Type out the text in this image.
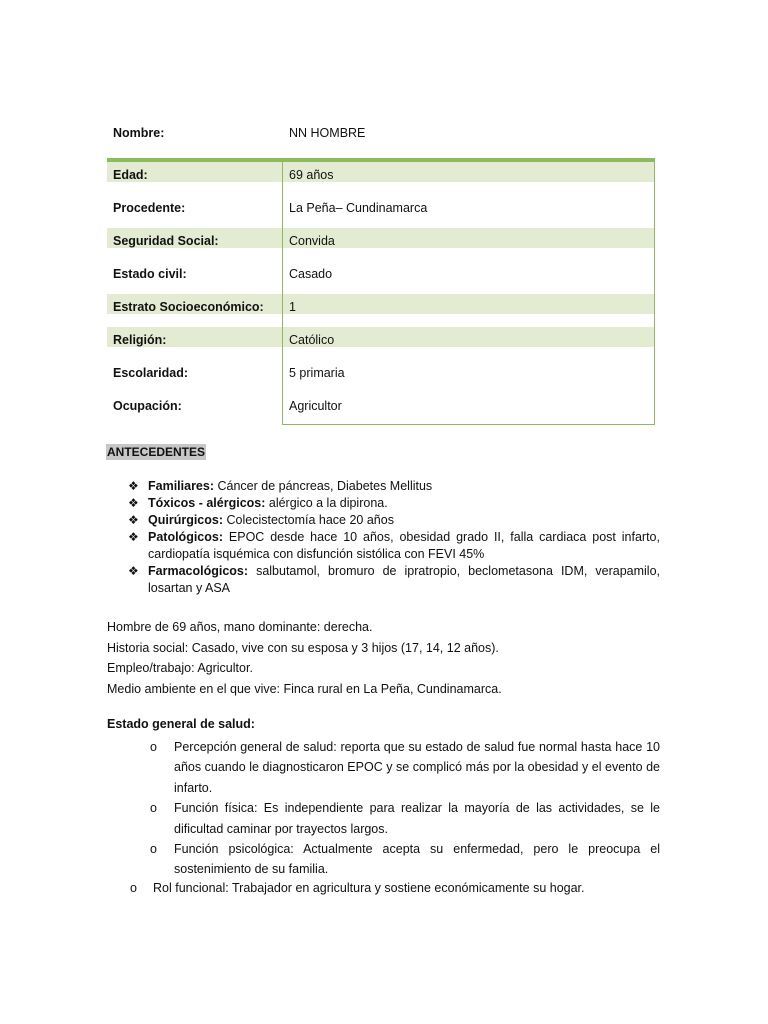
Nombre:	NN HOMBRE
Edad:	69 años
Procedente:	La Peña– Cundinamarca
Seguridad Social:	Convida
Estado civil:	Casado
Estrato Socioeconómico:	1
Religión:	Católico
Escolaridad:	5 primaria
Ocupación:	Agricultor
ANTECEDENTES
❖ Familiares: Cáncer de páncreas, Diabetes Mellitus
❖ Tóxicos - alérgicos: alérgico a la dipirona.
❖ Quirúrgicos: Colecistectomía hace 20 años
❖ Patológicos: EPOC desde hace 10 años, obesidad grado II, falla cardiaca post infarto, cardiopatía isquémica con disfunción sistólica con FEVI 45%
❖ Farmacológicos: salbutamol, bromuro de ipratropio, beclometasona IDM, verapamilo, losartan y ASA
Hombre de 69 años, mano dominante: derecha.
Historia social: Casado, vive con su esposa y 3 hijos (17, 14, 12 años).
Empleo/trabajo: Agricultor.
Medio ambiente en el que vive: Finca rural en La Peña, Cundinamarca.
Estado general de salud:
o	Percepción general de salud: reporta que su estado de salud fue normal hasta hace 10 años cuando le diagnosticaron EPOC y se complicó más por la obesidad y el evento de infarto.
o	Función física: Es independiente para realizar la mayoría de las actividades, se le dificultad caminar por trayectos largos.
o	Función psicológica: Actualmente acepta su enfermedad, pero le preocupa el sostenimiento de su familia.
o	Rol funcional: Trabajador en agricultura y sostiene económicamente su hogar.
